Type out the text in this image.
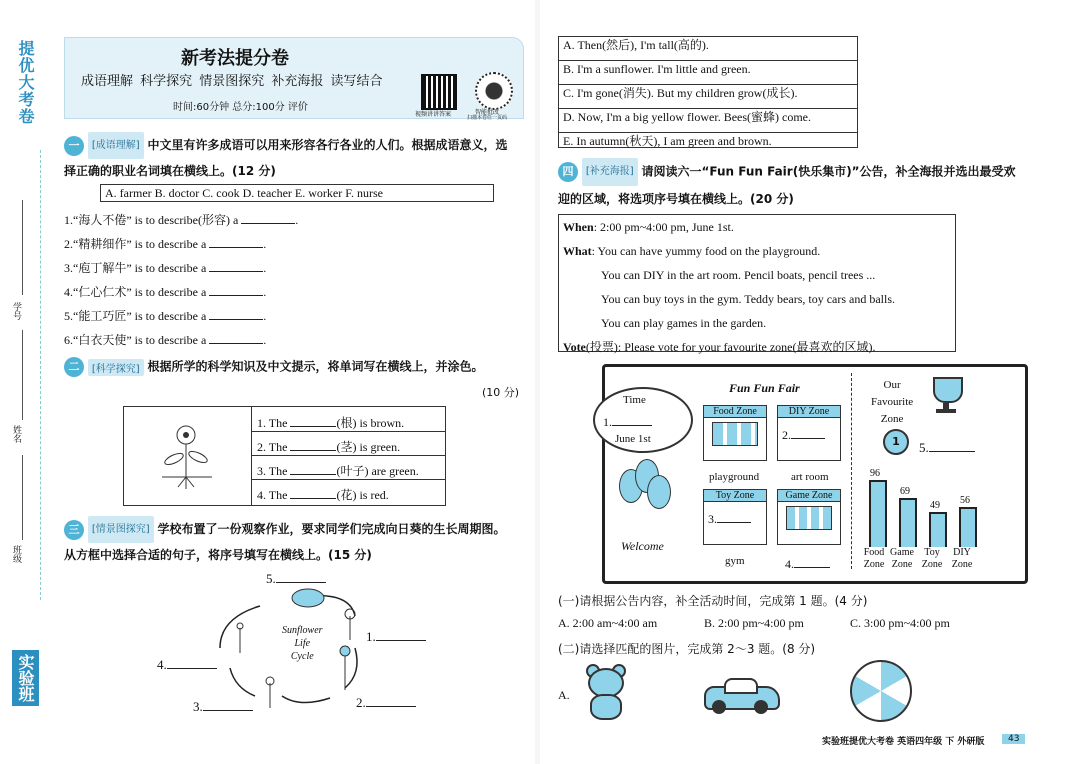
提优大考卷
实验班
学号
姓名
班级
新考法提分卷
成语理解 科学探究 情景图探究 补充海报 读写结合
时间:60分钟 总分:100分 评价
视频讲讲答案	智能批改
扫描本卷任一页码
一 [成语理解] 中文里有许多成语可以用来形容各行各业的人们。根据成语意义，选
择正确的职业名词填在横线上。(12 分)
A. farmer B. doctor C. cook D. teacher E. worker F. nurse
1.“海人不倦” is to describe(形容) a	.
2.“精耕细作” is to describe a	.
3.“庖丁解牛” is to describe a	.
4.“仁心仁术” is to describe a	.
5.“能工巧匠” is to describe a	.
6.“白衣天使” is to describe a	.
二 [科学探究] 根据所学的科学知识及中文提示，将单词写在横线上，并涂色。
(10 分)
1. The	(根) is brown.
2. The	(茎) is green.
3. The	(叶子) are green.
4. The	(花) is red.
三 [情景图探究] 学校布置了一份观察作业，要求同学们完成向日葵的生长周期图。
从方框中选择合适的句子，将序号填写在横线上。(15 分)
Sunflower
Life
Cycle
5.
1.
2.
3.
4.
A. Then(然后), I'm tall(高的).
B. I'm a sunflower. I'm little and green.
C. I'm gone(消失). But my children grow(成长).
D. Now, I'm a big yellow flower. Bees(蜜蜂) come.
E. In autumn(秋天), I am green and brown.
四 [补充海报] 请阅读六一“Fun Fun Fair(快乐集市)”公告，补全海报并选出最受欢
迎的区域，将选项序号填在横线上。(20 分)
When: 2:00 pm~4:00 pm, June 1st.
What: You can have yummy food on the playground.
You can DIY in the art room. Pencil boats, pencil trees ...
You can buy toys in the gym. Teddy bears, toy cars and balls.
You can play games in the garden.
Vote(投票): Please vote for your favourite zone(最喜欢的区域).
Time
1.
June 1st
Welcome
Fun Fun Fair
Food Zone
playground
DIY Zone
2.
art room
Toy Zone
3.
gym
Game Zone
4.
Our
Favourite
Zone
1	5.
96
69
49 56
Food
Zone
Game
Zone
Toy
Zone
DIY
Zone
(一)请根据公告内容，补全活动时间，完成第 1 题。(4 分)
A. 2:00 am~4:00 am	B. 2:00 pm~4:00 pm	C. 3:00 pm~4:00 pm
(二)请选择匹配的图片，完成第 2～3 题。(8 分)
A.
实验班提优大考卷 英语四年级 下 外研版	43
